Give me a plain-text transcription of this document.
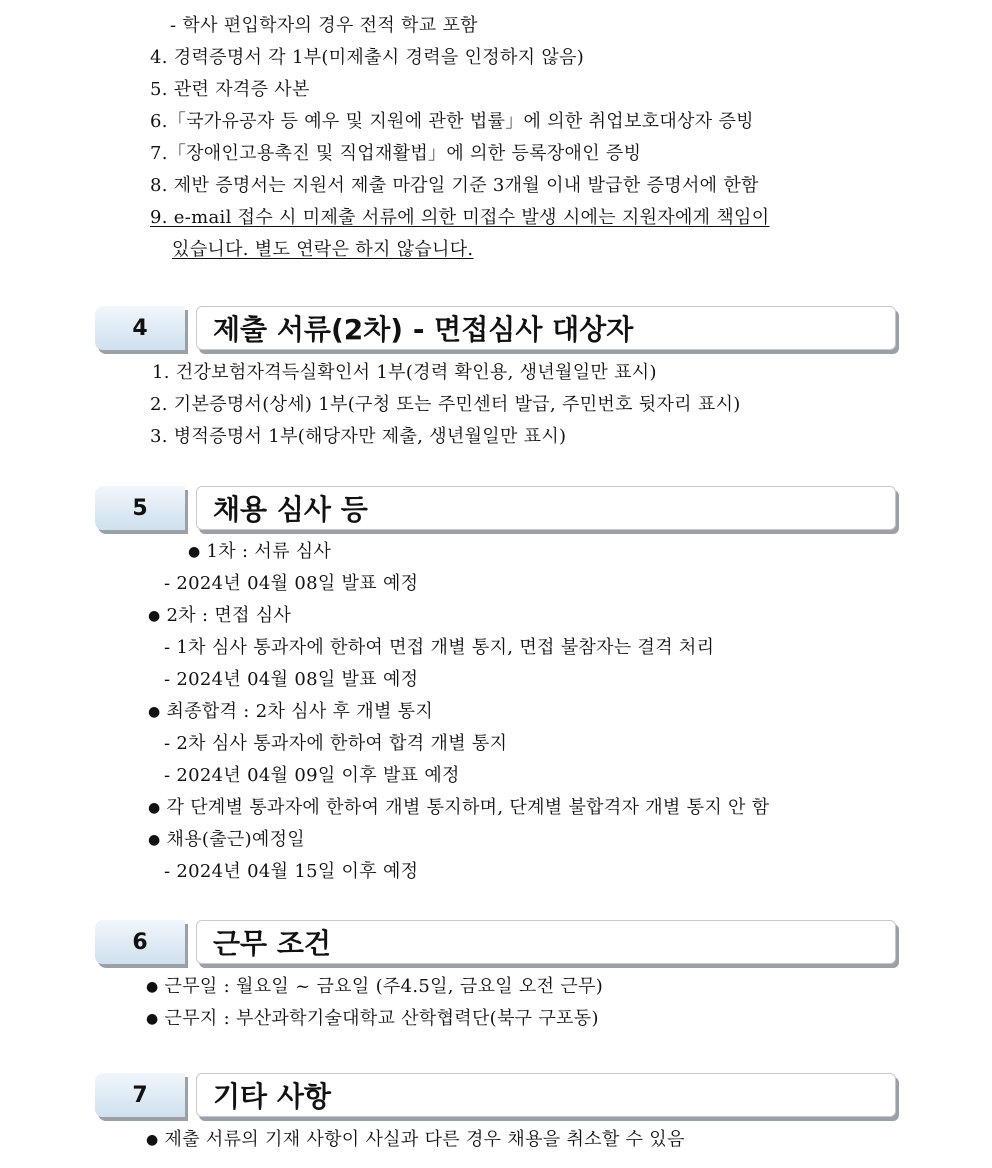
- 학사 편입학자의 경우 전적 학교 포함
4. 경력증명서 각 1부(미제출시 경력을 인정하지 않음)
5. 관련 자격증 사본
6.「국가유공자 등 예우 및 지원에 관한 법률」에 의한 취업보호대상자 증빙
7.「장애인고용촉진 및 직업재활법」에 의한 등록장애인 증빙
8. 제반 증명서는 지원서 제출 마감일 기준 3개월 이내 발급한 증명서에 한함
9. e-mail 접수 시 미제출 서류에 의한 미접수 발생 시에는 지원자에게 책임이
있습니다. 별도 연락은 하지 않습니다.
4	제출 서류(2차) - 면접심사 대상자
1. 건강보험자격득실확인서 1부(경력 확인용, 생년월일만 표시)
2. 기본증명서(상세) 1부(구청 또는 주민센터 발급, 주민번호 뒷자리 표시)
3. 병적증명서 1부(해당자만 제출, 생년월일만 표시)
5	채용 심사 등
● 1차 : 서류 심사
- 2024년 04월 08일 발표 예정
● 2차 : 면접 심사
- 1차 심사 통과자에 한하여 면접 개별 통지, 면접 불참자는 결격 처리
- 2024년 04월 08일 발표 예정
● 최종합격 : 2차 심사 후 개별 통지
- 2차 심사 통과자에 한하여 합격 개별 통지
- 2024년 04월 09일 이후 발표 예정
● 각 단계별 통과자에 한하여 개별 통지하며, 단계별 불합격자 개별 통지 안 함
● 채용(출근)예정일
- 2024년 04월 15일 이후 예정
6	근무 조건
● 근무일 : 월요일 ~ 금요일 (주4.5일, 금요일 오전 근무)
● 근무지 : 부산과학기술대학교 산학협력단(북구 구포동)
7	기타 사항
● 제출 서류의 기재 사항이 사실과 다른 경우 채용을 취소할 수 있음
